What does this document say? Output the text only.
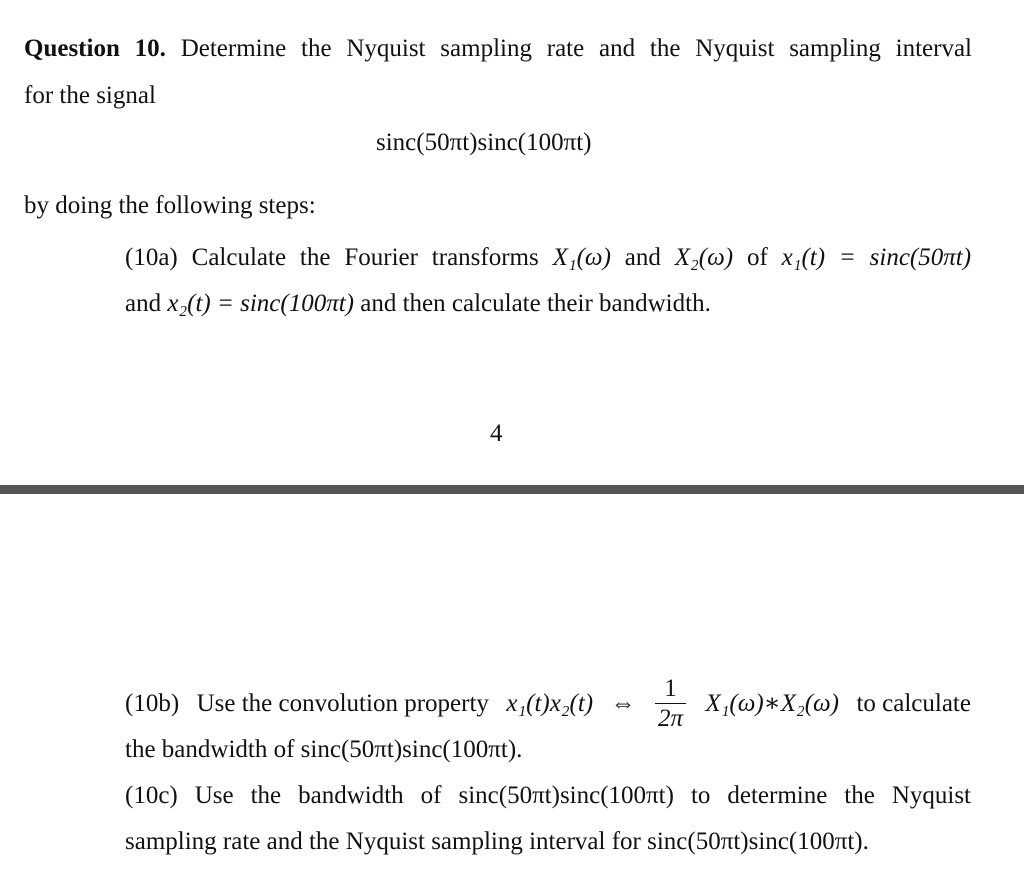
Question 10. Determine the Nyquist sampling rate and the Nyquist sampling interval
for the signal
sinc(50πt)sinc(100πt)
by doing the following steps:
(10a) Calculate the Fourier transforms X₁(ω) and X₂(ω) of x₁(t) = sinc(50πt)
and x₂(t) = sinc(100πt) and then calculate their bandwidth.
4
(10b) Use the convolution property x₁(t)x₂(t) ⇔ $\frac{1}{2\pi}$ X₁(ω)∗X₂(ω) to calculate
the bandwidth of sinc(50πt)sinc(100πt).
(10c) Use the bandwidth of sinc(50πt)sinc(100πt) to determine the Nyquist
sampling rate and the Nyquist sampling interval for sinc(50πt)sinc(100πt).
